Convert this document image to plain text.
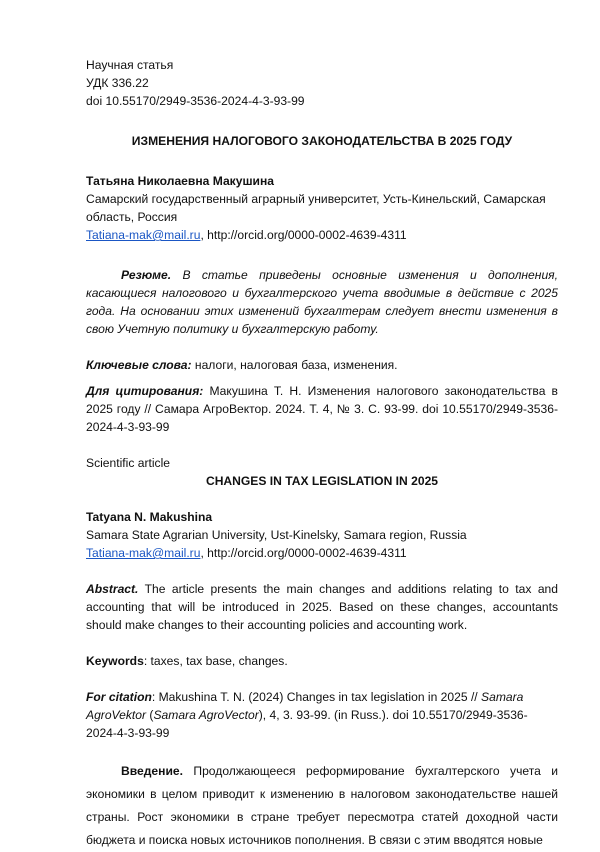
Научная статья
УДК 336.22
doi 10.55170/2949-3536-2024-4-3-93-99
ИЗМЕНЕНИЯ НАЛОГОВОГО ЗАКОНОДАТЕЛЬСТВА В 2025 ГОДУ
Татьяна Николаевна Макушина
Самарский государственный аграрный университет, Усть-Кинельский, Самарская область, Россия
Tatiana-mak@mail.ru, http://orcid.org/0000-0002-4639-4311

Резюме. В статье приведены основные изменения и дополнения, касающиеся налогового и бухгалтерского учета вводимые в действие с 2025 года. На основании этих изменений бухгалтерам следует внести изменения в свою Учетную политику и бухгалтерскую работу.

Ключевые слова: налоги, налоговая база, изменения.

Для цитирования: Макушина Т. Н. Изменения налогового законодательства в 2025 году // Самара АгроВектор. 2024. Т. 4, № 3. С. 93-99. doi 10.55170/2949-3536-2024-4-3-93-99

Scientific article
CHANGES IN TAX LEGISLATION IN 2025
Tatyana N. Makushina
Samara State Agrarian University, Ust-Kinelsky, Samara region, Russia
Tatiana-mak@mail.ru, http://orcid.org/0000-0002-4639-4311

Abstract. The article presents the main changes and additions relating to tax and accounting that will be introduced in 2025. Based on these changes, accountants should make changes to their accounting policies and accounting work.

Keywords: taxes, tax base, changes.

For citation: Makushina T. N. (2024) Changes in tax legislation in 2025 // Samara AgroVektor (Samara AgroVector), 4, 3. 93-99. (in Russ.). doi 10.55170/2949-3536-2024-4-3-93-99

Введение. Продолжающееся реформирование бухгалтерского учета и экономики в целом приводит к изменению в налоговом законодательстве нашей страны. Рост экономики в стране требует пересмотра статей доходной части бюджета и поиска новых источников пополнения. В связи с этим вводятся новые
